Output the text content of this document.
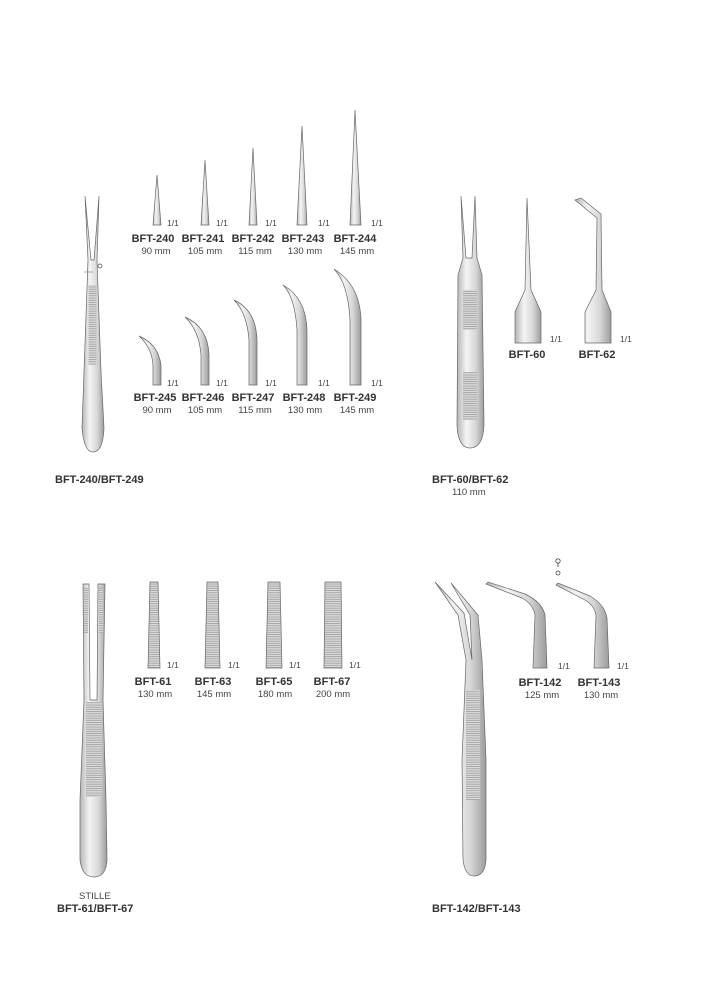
1/1	1/1	1/1	1/1	1/1
BFT-240 BFT-241 BFT-242 BFT-243 BFT-244
90 mm 105 mm 115 mm 130 mm 145 mm
1/1	1/1	1/1	1/1	1/1
BFT-245 BFT-246 BFT-247 BFT-248 BFT-249
90 mm 105 mm 115 mm 130 mm 145 mm
BFT-240/BFT-249
1/1	1/1
BFT-60	BFT-62
BFT-60/BFT-62
110 mm
1/1	1/1	1/1	1/1
BFT-61 BFT-63 BFT-65 BFT-67
130 mm	145 mm	180 mm 200 mm
STILLE
BFT-61/BFT-67
1/1	1/1
BFT-142 BFT-143
125 mm	130 mm
BFT-142/BFT-143
